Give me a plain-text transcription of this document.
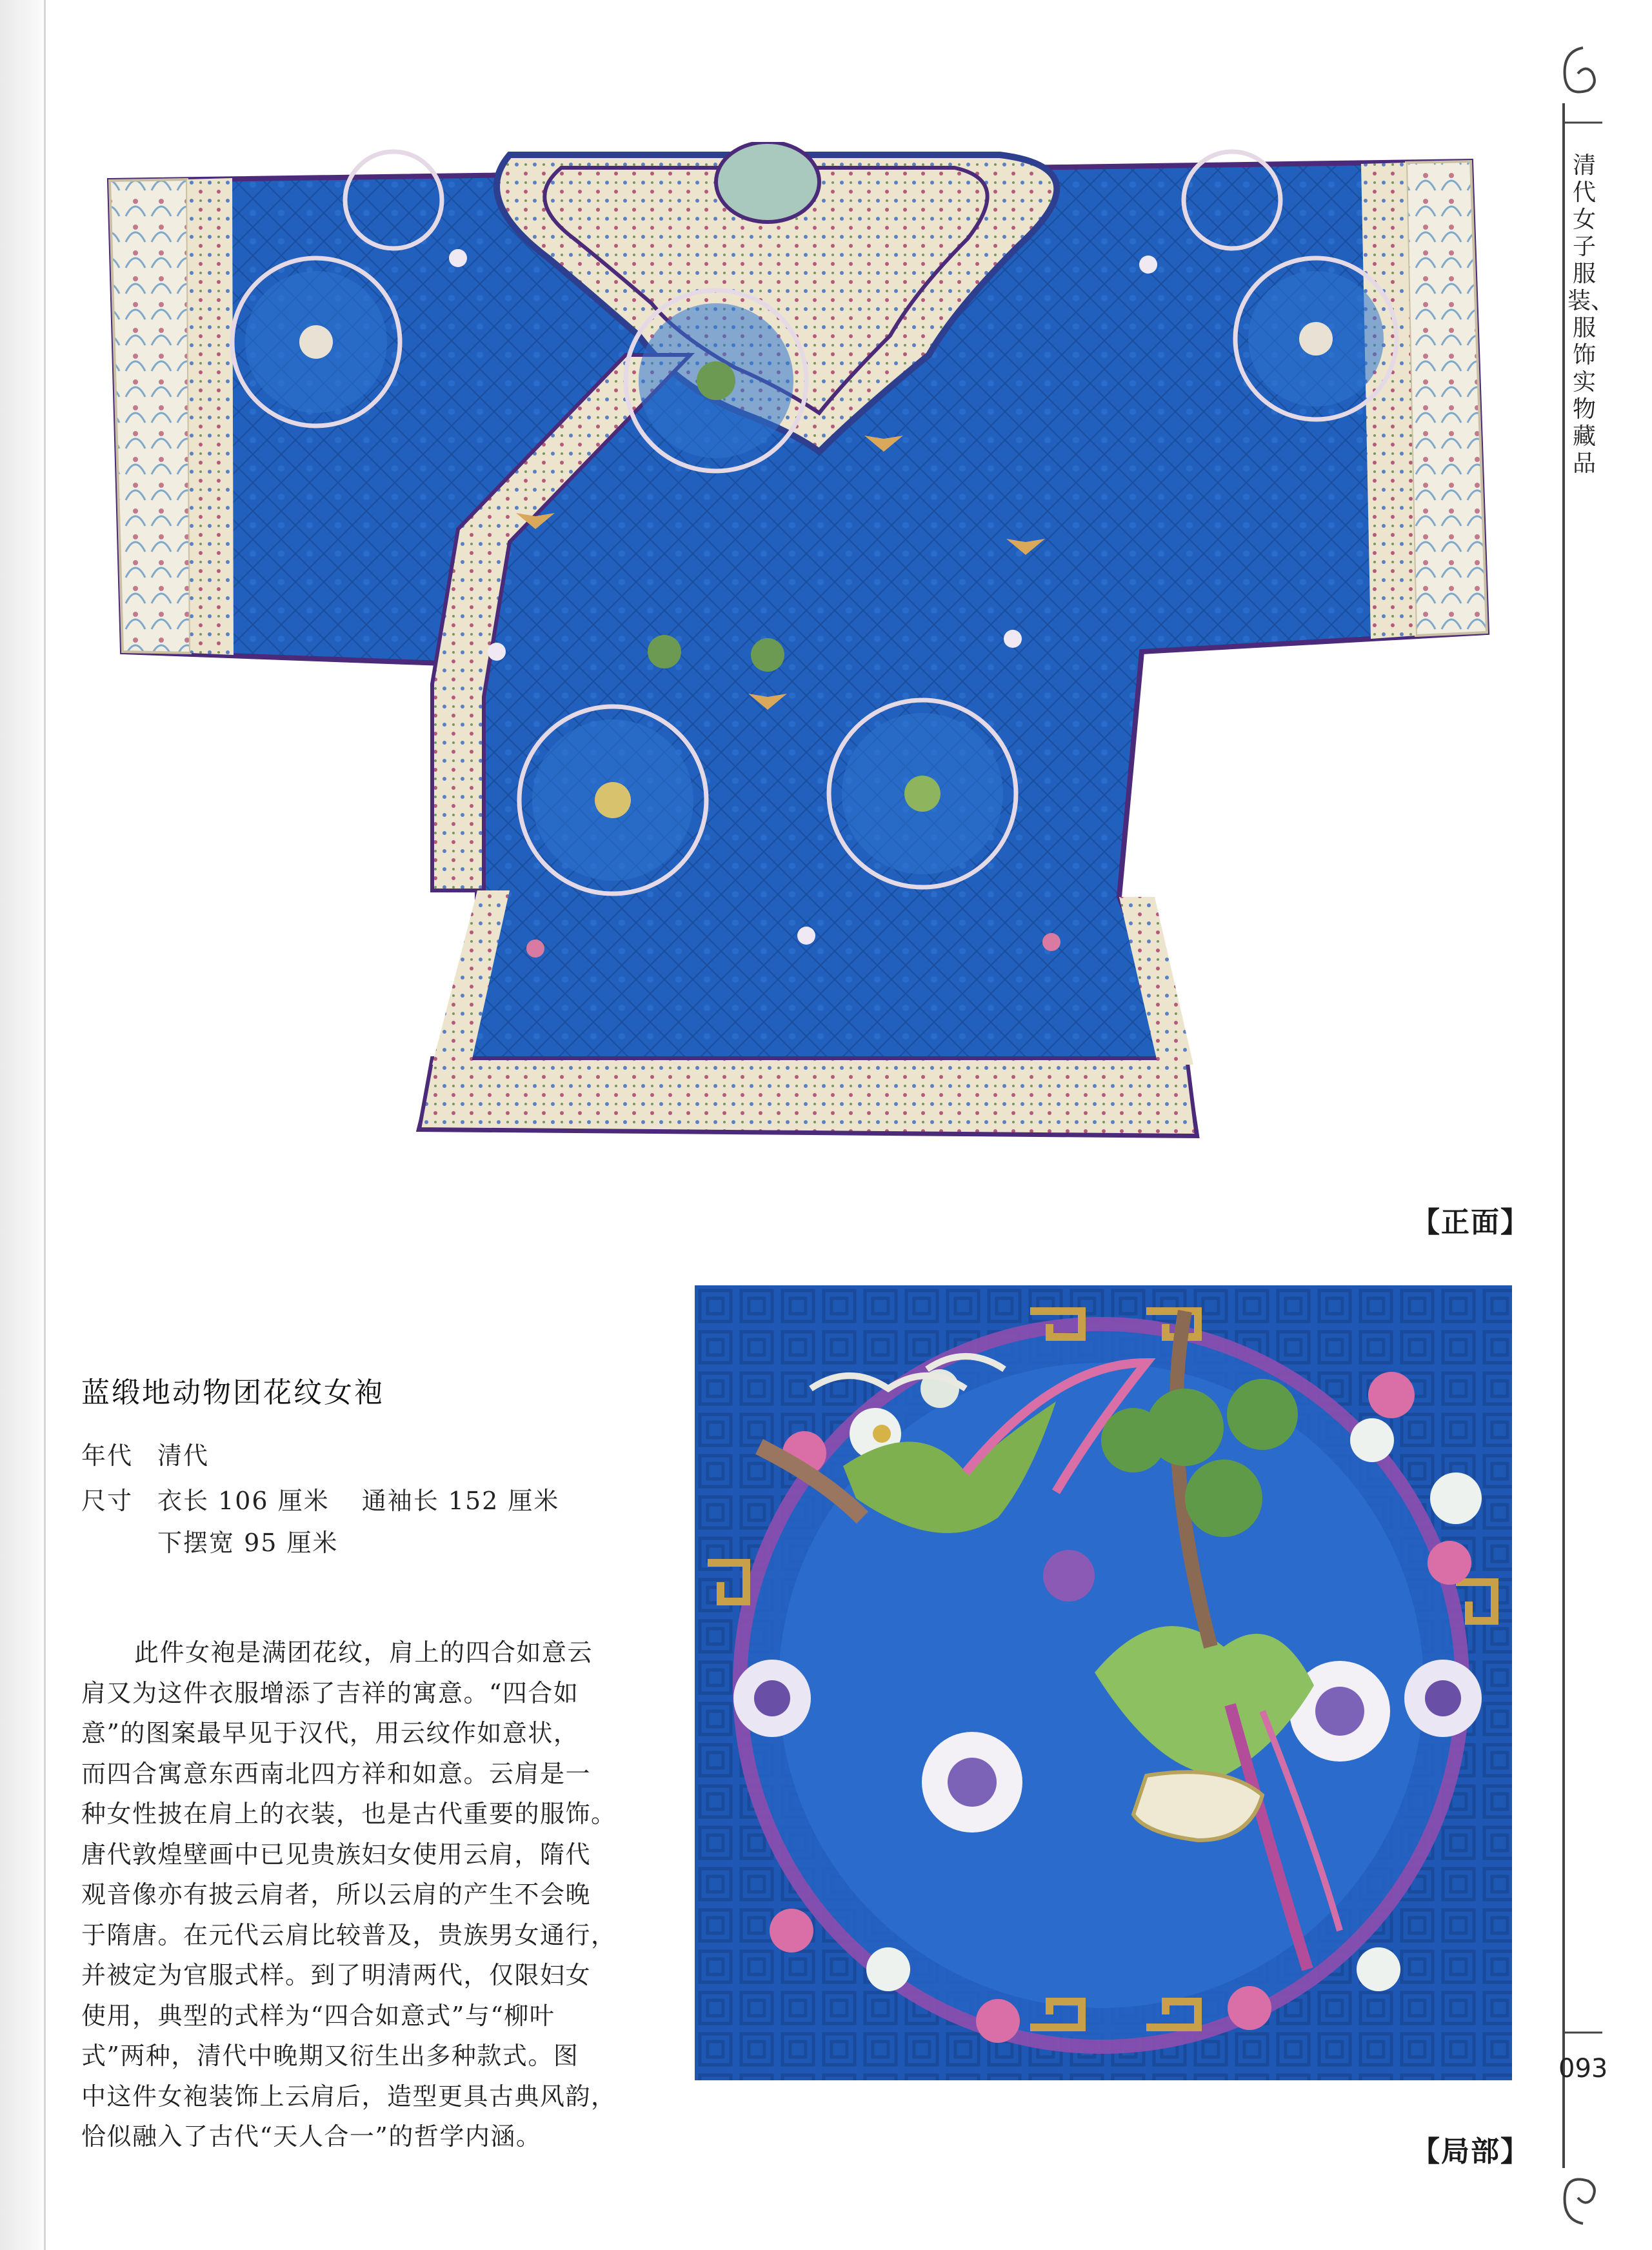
【正面】
【局部】
蓝缎地动物团花纹女袍
年代 清代
尺寸 衣长 106 厘米 通袖长 152 厘米
下摆宽 95 厘米
此件女袍是满团花纹，肩上的四合如意云
肩又为这件衣服增添了吉祥的寓意。“四合如
意”的图案最早见于汉代，用云纹作如意状，
而四合寓意东西南北四方祥和如意。云肩是一
种女性披在肩上的衣装，也是古代重要的服饰。
唐代敦煌壁画中已见贵族妇女使用云肩，隋代
观音像亦有披云肩者，所以云肩的产生不会晚
于隋唐。在元代云肩比较普及，贵族男女通行，
并被定为官服式样。到了明清两代，仅限妇女
使用，典型的式样为“四合如意式”与“柳叶
式”两种，清代中晚期又衍生出多种款式。图
中这件女袍装饰上云肩后，造型更具古典风韵，
恰似融入了古代“天人合一”的哲学内涵。
清代女子服装、服饰实物藏品
093
